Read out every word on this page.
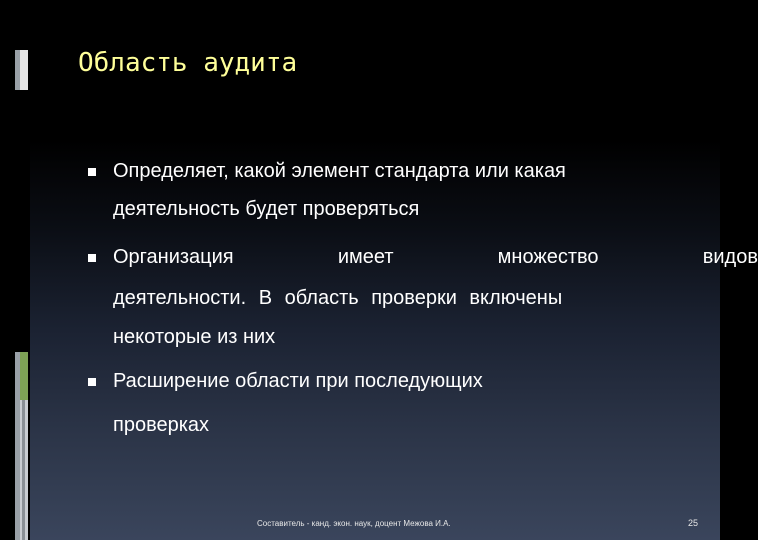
Область аудита
Определяет, какой элемент стандарта или какая
деятельность будет проверяться
Организация	имеет	множество	видов
деятельности. В область проверки включены
некоторые из них
Расширение области при последующих
проверках
Составитель - канд. экон. наук, доцент Межова И.А.	25
